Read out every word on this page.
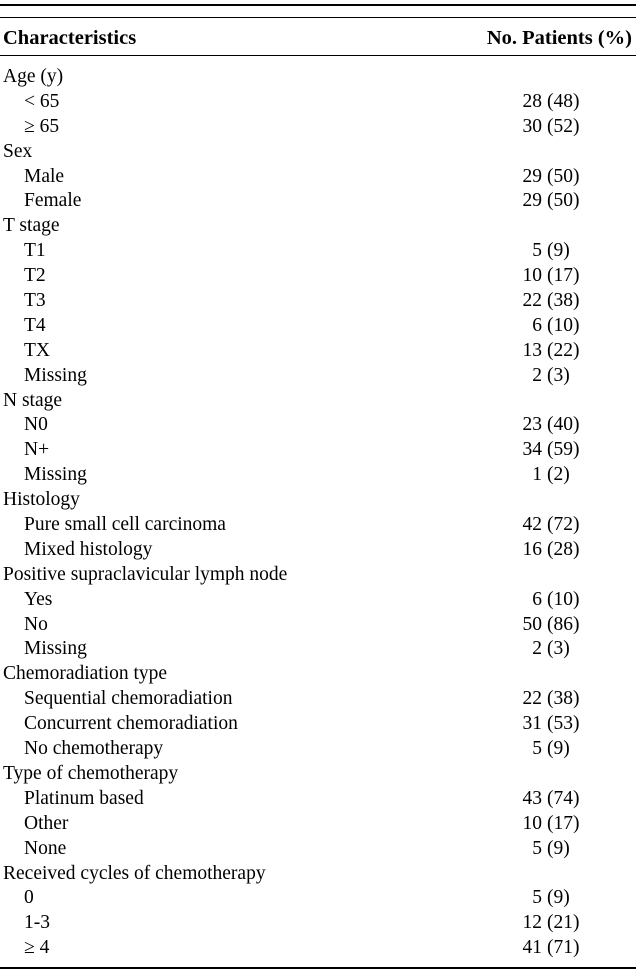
Characteristics	No. Patients (%)
Age (y)
< 65	28 (48)
≥ 65	30 (52)
Sex
Male	29 (50)
Female	29 (50)
T stage
T1	5 (9)
T2	10 (17)
T3	22 (38)
T4	6 (10)
TX	13 (22)
Missing	2 (3)
N stage
N0	23 (40)
N+	34 (59)
Missing	1 (2)
Histology
Pure small cell carcinoma	42 (72)
Mixed histology	16 (28)
Positive supraclavicular lymph node
Yes	6 (10)
No	50 (86)
Missing	2 (3)
Chemoradiation type
Sequential chemoradiation	22 (38)
Concurrent chemoradiation	31 (53)
No chemotherapy	5 (9)
Type of chemotherapy
Platinum based	43 (74)
Other	10 (17)
None	5 (9)
Received cycles of chemotherapy
0	5 (9)
1-3	12 (21)
≥ 4	41 (71)
